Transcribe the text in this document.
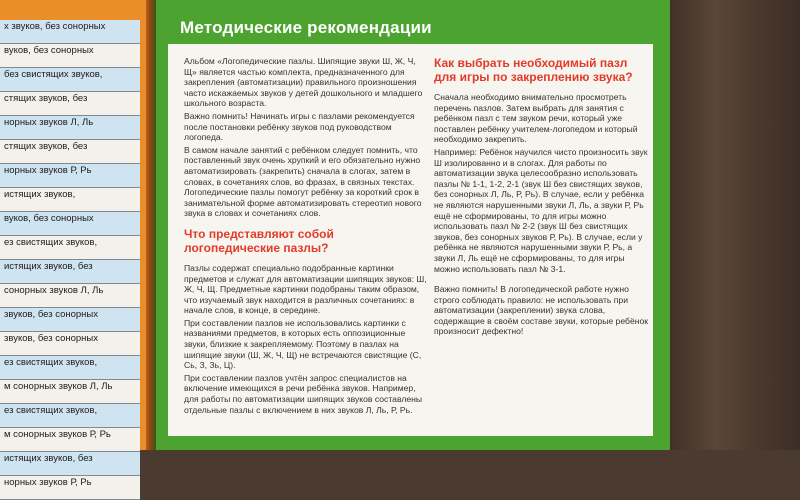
х звуков, без сонорных
вуков, без сонорных
без свистящих звуков,
стящих звуков, без
норных звуков Л, Ль
стящих звуков, без
норных звуков Р, Рь
истящих звуков,
вуков, без сонорных
ез свистящих звуков,
истящих звуков, без
сонорных звуков Л, Ль
звуков, без сонорных
звуков, без сонорных
ез свистящих звуков,
м сонорных звуков Л, Ль
ез свистящих звуков,
м сонорных звуков Р, Рь
истящих звуков, без
норных звуков Р, Рь
Методические рекомендации

Альбом «Логопедические пазлы. Шипящие звуки Ш, Ж, Ч, Щ» является частью комплекта, предназначенного для закрепления (автоматизации) правильного произношения часто искажаемых звуков у детей дошкольного и младшего школьного возраста.

Важно помнить! Начинать игры с пазлами рекомендуется после постановки ребёнку звуков под руководством логопеда.

В самом начале занятий с ребёнком следует помнить, что поставленный звук очень хрупкий и его обязательно нужно автоматизировать (закрепить) сначала в слогах, затем в словах, в сочетаниях слов, во фразах, в связных текстах. Логопедические пазлы помогут ребёнку за короткий срок в занимательной форме автоматизировать стереотип нового звука в словах и сочетаниях слов.

Что представляют собой логопедические пазлы?

Пазлы содержат специально подобранные картинки предметов и служат для автоматизации шипящих звуков: Ш, Ж, Ч, Щ. Предметные картинки подобраны таким образом, что изучаемый звук находится в различных сочетаниях: в начале слов, в конце, в середине.

При составлении пазлов не использовались картинки с названиями предметов, в которых есть оппозиционные звуки, близкие к закрепляемому. Поэтому в пазлах на шипящие звуки (Ш, Ж, Ч, Щ) не встречаются свистящие (С, Сь, З, Зь, Ц).

При составлении пазлов учтён запрос специалистов на включение имеющихся в речи ребёнка звуков. Например, для работы по автоматизации шипящих звуков составлены отдельные пазлы с включением в них звуков Л, Ль, Р, Рь.

Как выбрать необходимый пазл для игры по закреплению звука?

Сначала необходимо внимательно просмотреть перечень пазлов. Затем выбрать для занятия с ребёнком пазл с тем звуком речи, который уже поставлен ребёнку учителем-логопедом и который необходимо закрепить.

Например: Ребёнок научился чисто произносить звук Ш изолированно и в слогах. Для работы по автоматизации звука целесообразно использовать пазлы № 1-1, 1-2, 2-1 (звук Ш без свистящих звуков, без сонорных Л, Ль, Р, Рь). В случае, если у ребёнка не являются нарушенными звуки Л, Ль, а звуки Р, Рь ещё не сформированы, то для игры можно использовать пазл № 2-2 (звук Ш без свистящих звуков, без сонорных звуков Р, Рь). В случае, если у ребёнка не являются нарушенными звуки Р, Рь, а звуки Л, Ль ещё не сформированы, то для игры можно использовать пазл № 3-1.

Важно помнить! В логопедической работе нужно строго соблюдать правило: не использовать при автоматизации (закреплении) звука слова, содержащие в своём составе звуки, которые ребёнок произносит дефектно!
